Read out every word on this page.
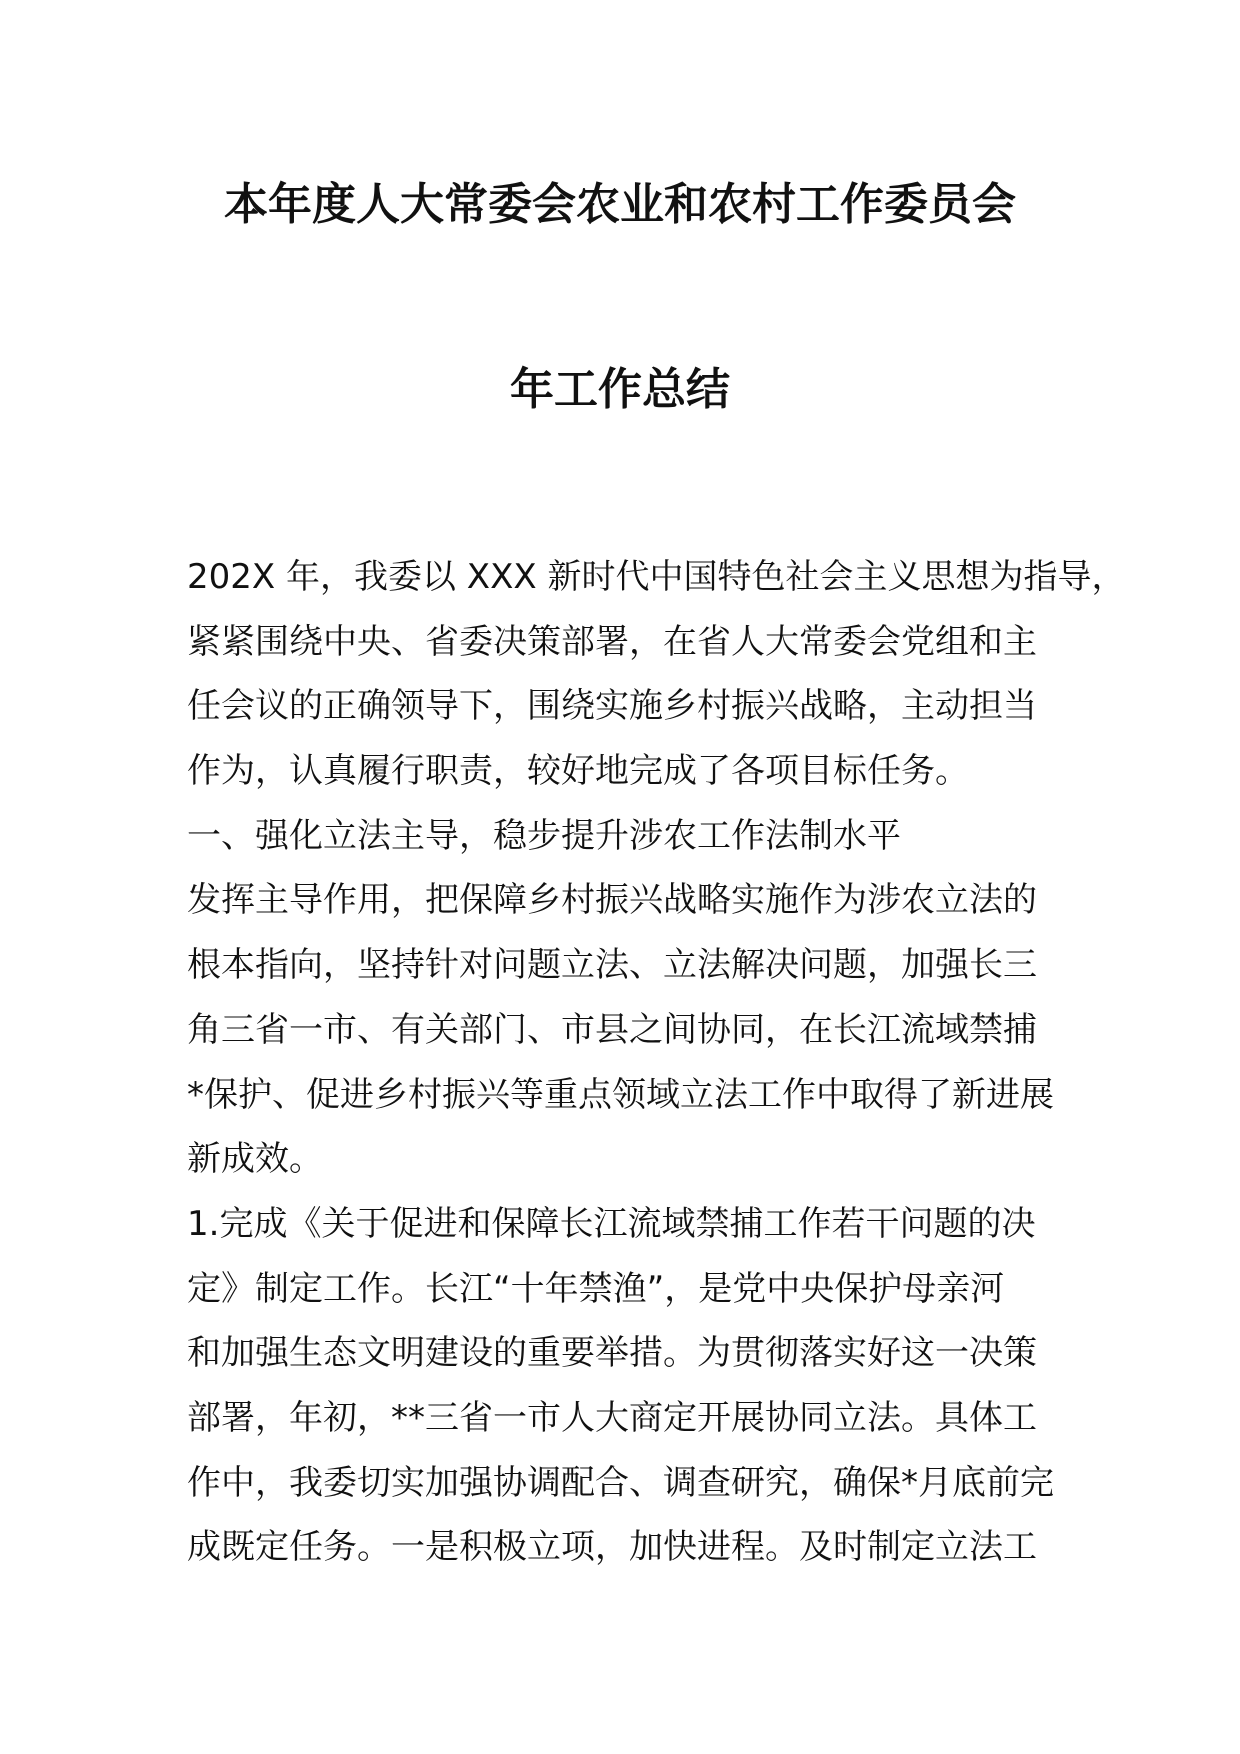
本年度人大常委会农业和农村工作委员会
年工作总结
202X 年，我委以 XXX 新时代中国特色社会主义思想为指导，
紧紧围绕中央、省委决策部署，在省人大常委会党组和主
任会议的正确领导下，围绕实施乡村振兴战略，主动担当
作为，认真履行职责，较好地完成了各项目标任务。
一、强化立法主导，稳步提升涉农工作法制水平
发挥主导作用，把保障乡村振兴战略实施作为涉农立法的
根本指向，坚持针对问题立法、立法解决问题，加强长三
角三省一市、有关部门、市县之间协同，在长江流域禁捕
*保护、促进乡村振兴等重点领域立法工作中取得了新进展
新成效。
1.完成《关于促进和保障长江流域禁捕工作若干问题的决
定》制定工作。长江“十年禁渔”，是党中央保护母亲河
和加强生态文明建设的重要举措。为贯彻落实好这一决策
部署，年初，**三省一市人大商定开展协同立法。具体工
作中，我委切实加强协调配合、调查研究，确保*月底前完
成既定任务。一是积极立项，加快进程。及时制定立法工
